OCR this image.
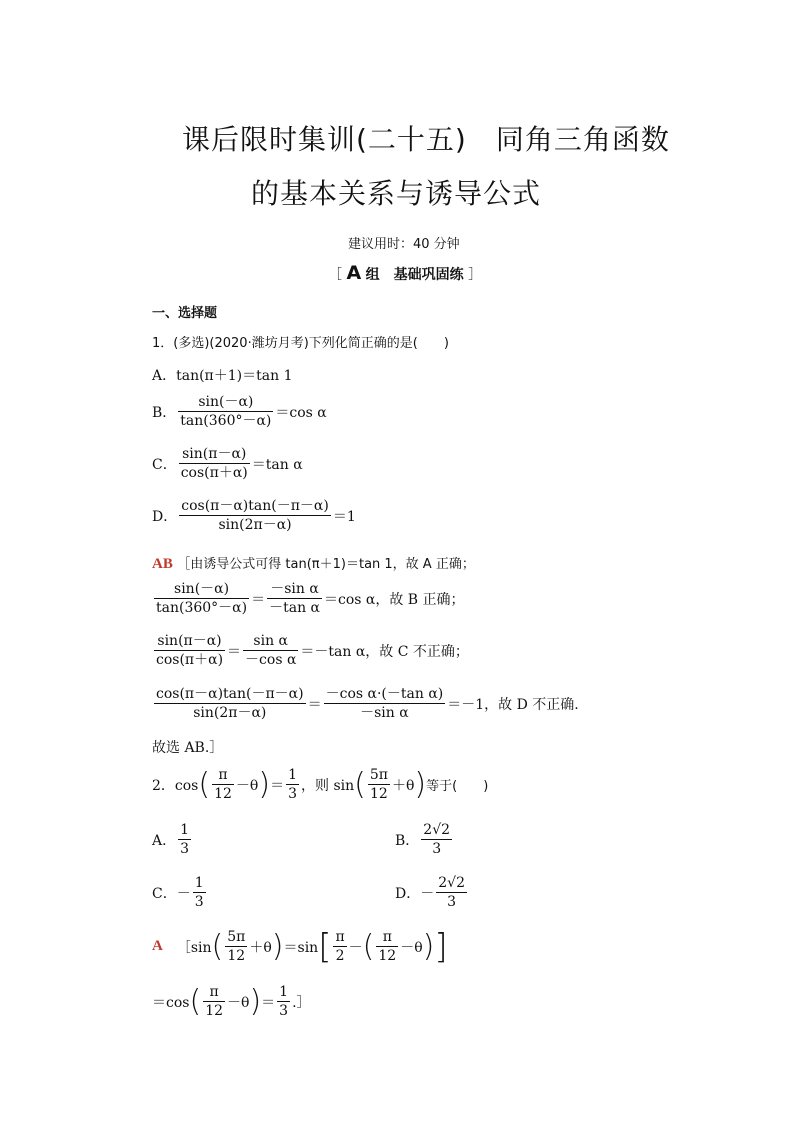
课后限时集训(二十五)　同角三角函数
的基本关系与诱导公式
建议用时：40 分钟
［ A 组　基础巩固练 ］
一、选择题
1．(多选)(2020·潍坊月考)下列化简正确的是(　　)
A．tan(π＋1)＝tan 1
B． $\frac{\sin(-\alpha)}{\tan(360^\circ-\alpha)} =\cos$ α
C． $\frac{\sin(\pi-\alpha)}{\cos(\pi+\alpha)} =\tan$ α
D． $\frac{\cos(\pi-\alpha)\tan(-\pi-\alpha)}{\sin(2\pi-\alpha)} =1$
AB ［由诱导公式可得 tan(π＋1)＝tan 1，故 A 正确；
$\frac{\sin(-\alpha)}{\tan(360^\circ-\alpha)} = \frac{\text{－sin α}}{\text{－tan α}} =\cos$ α，故 B 正确；
$\frac{\sin(\pi-\alpha)}{\cos(\pi+\alpha)} = \frac{\text{sin α}}{\text{－cos α}} =-\tan$ α，故 C 不正确；
$\frac{\cos(\pi-\alpha)\tan(-\pi-\alpha)}{\sin(2\pi-\alpha)} = \frac{\text{－cos α·(－tan α)}}{\text{－sin α}} =-1$，故 D 不正确.
故选 AB.］
2．cos ( $\frac{\pi}{12} -\theta$ ) ＝ $\frac{1}{3}$ ，则 sin ( $\frac{5\pi}{12} +\theta$ ) 等于(　　)
A． $\frac{1}{3}$	B． $\frac{2√2}{3}$
C．－ $\frac{1}{3}$	D．－ $\frac{2√2}{3}$
A ［sin ( $\frac{5\pi}{12} +\theta$ ) ＝sin [ $\frac{\pi}{2}$ － ( $\frac{\pi}{12} -\theta$ ) ]
＝cos ( $\frac{\pi}{12} -\theta$ ) ＝ $\frac{1}{3}$ .］
